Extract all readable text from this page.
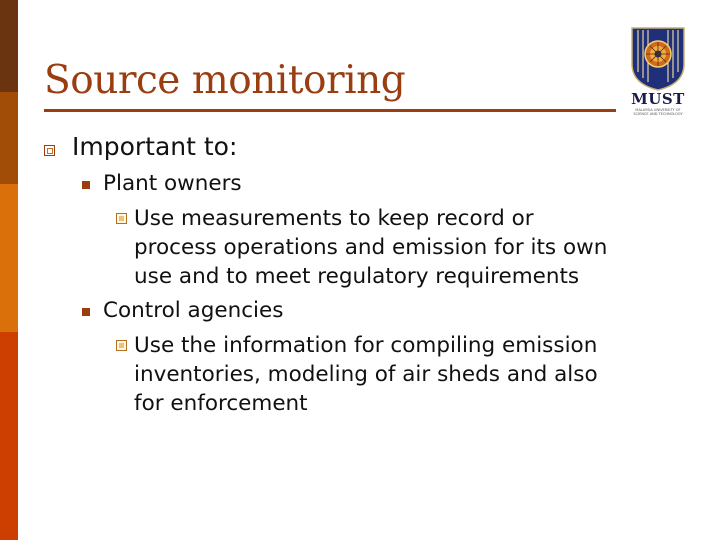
Source monitoring	MUST
MALAYSIA UNIVERSITY OF SCIENCE AND TECHNOLOGY
Important to:
Plant owners
Use measurements to keep record or
process operations and emission for its own
use and to meet regulatory requirements
Control agencies
Use the information for compiling emission
inventories, modeling of air sheds and also
for enforcement
